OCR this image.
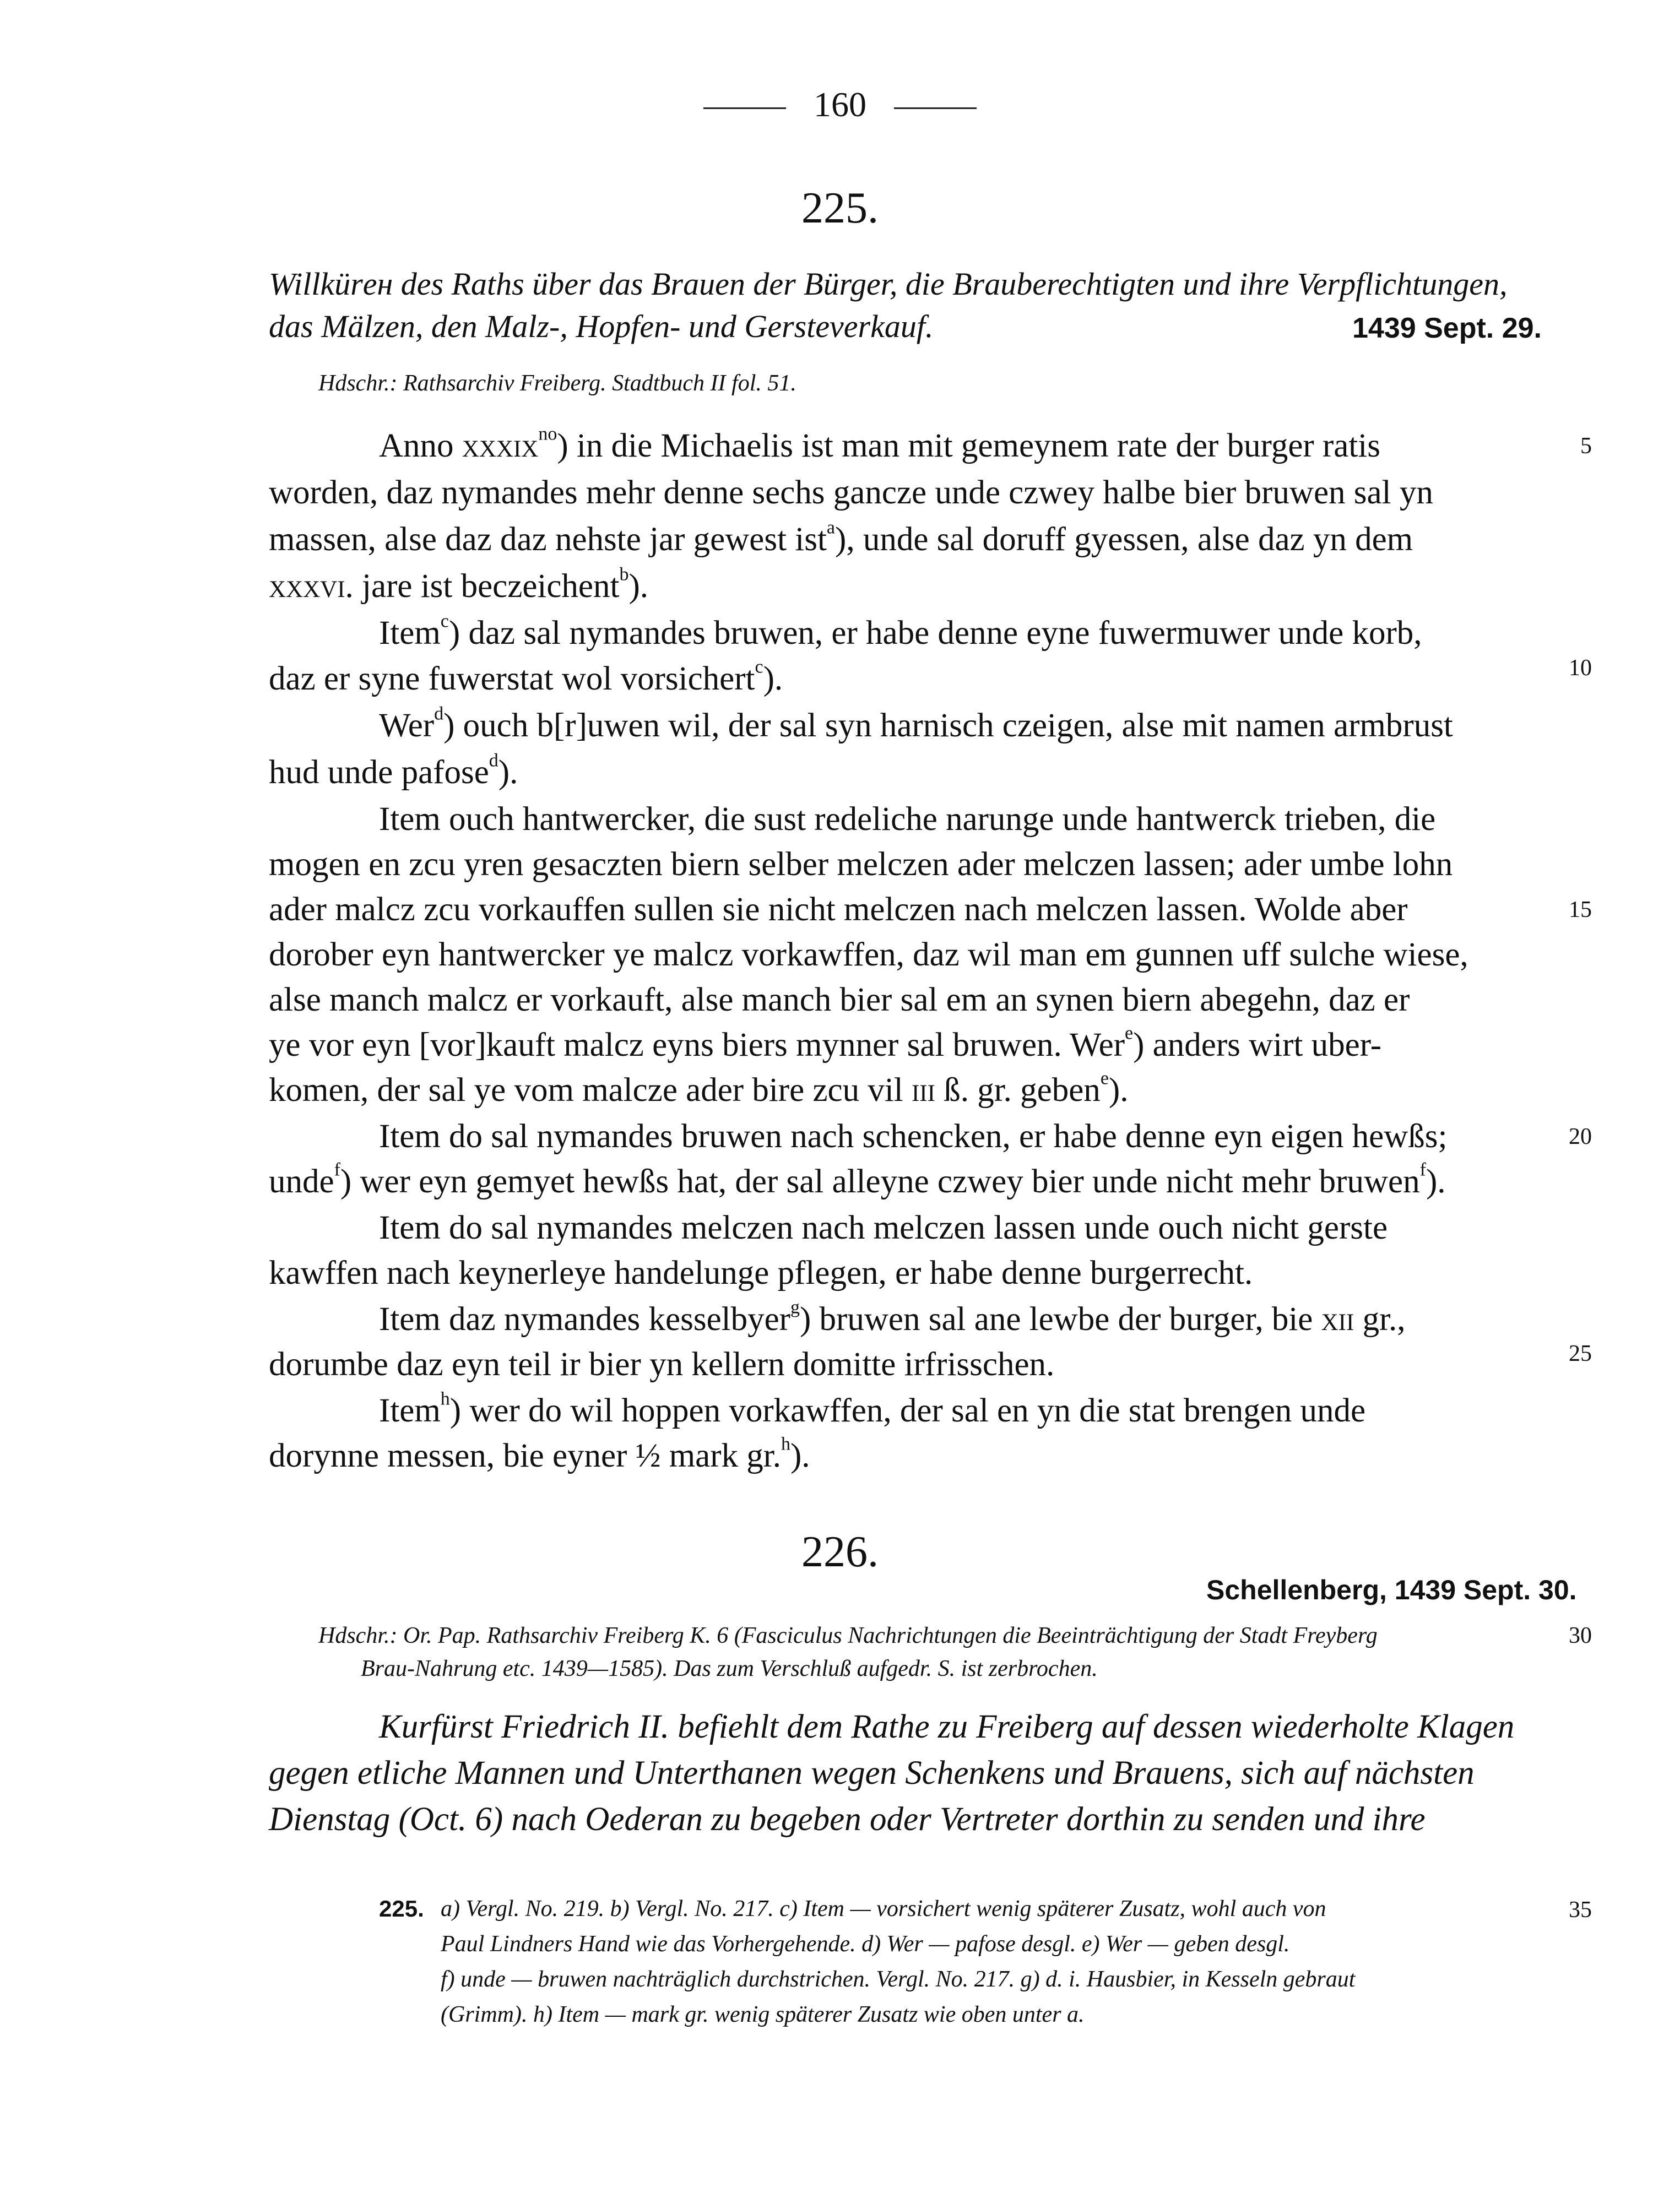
160
225.
Willkürен des Raths über das Brauen der Bürger, die Brauberechtigten und ihre Verpflichtungen,
das Mälzen, den Malz-, Hopfen- und Gersteverkauf.	1439 Sept. 29.
Hdschr.: Rathsarchiv Freiberg. Stadtbuch II fol. 51.
Anno xxxix$^{no}$) in die Michaelis ist man mit gemeynem rate der burger ratis
worden, daz nymandes mehr denne sechs gancze unde czwey halbe bier bruwen sal yn
massen, alse daz daz nehste jar gewest ist$^a$), unde sal doruff gyessen, alse daz yn dem
xxxvi. jare ist beczeichent$^b$).
Item$^c$) daz sal nymandes bruwen, er habe denne eyne fuwermuwer unde korb,
daz er syne fuwerstat wol vorsichert$^c$).
Wer$^d$) ouch b[r]uwen wil, der sal syn harnisch czeigen, alse mit namen armbrust
hud unde pafose$^d$).
Item ouch hantwercker, die sust redeliche narunge unde hantwerck trieben, die
mogen en zcu yren gesaczten biern selber melczen ader melczen lassen; ader umbe lohn
ader malcz zcu vorkauffen sullen sie nicht melczen nach melczen lassen. Wolde aber
dorober eyn hantwercker ye malcz vorkawffen, daz wil man em gunnen uff sulche wiese,
alse manch malcz er vorkauft, alse manch bier sal em an synen biern abegehn, daz er
ye vor eyn [vor]kauft malcz eyns biers mynner sal bruwen. Wer$^e$) anders wirt uber-
komen, der sal ye vom malcze ader bire zcu vil iii ß. gr. geben$^e$).
Item do sal nymandes bruwen nach schencken, er habe denne eyn eigen hewßs;
unde$^f$) wer eyn gemyet hewßs hat, der sal alleyne czwey bier unde nicht mehr bruwen$^f$).
Item do sal nymandes melczen nach melczen lassen unde ouch nicht gerste
kawffen nach keynerleye handelunge pflegen, er habe denne burgerrecht.
Item daz nymandes kesselbyer$^g$) bruwen sal ane lewbe der burger, bie xii gr.,
dorumbe daz eyn teil ir bier yn kellern domitte irfrisschen.
Item$^h$) wer do wil hoppen vorkawffen, der sal en yn die stat brengen unde
dorynne messen, bie eyner ½ mark gr.$^h$).
5
10
15
20
25
30
35
226.
Schellenberg, 1439 Sept. 30.
Hdschr.: Or. Pap. Rathsarchiv Freiberg K. 6 (Fasciculus Nachrichtungen die Beeinträchtigung der Stadt Freyberg
Brau-Nahrung etc. 1439—1585). Das zum Verschluß aufgedr. S. ist zerbrochen.
Kurfürst Friedrich II. befiehlt dem Rathe zu Freiberg auf dessen wiederholte Klagen
gegen etliche Mannen und Unterthanen wegen Schenkens und Brauens, sich auf nächsten
Dienstag (Oct. 6) nach Oederan zu begeben oder Vertreter dorthin zu senden und ihre
225. a) Vergl. No. 219. b) Vergl. No. 217. c) Item — vorsichert wenig späterer Zusatz, wohl auch von
Paul Lindners Hand wie das Vorhergehende. d) Wer — pafose desgl. e) Wer — geben desgl.
f) unde — bruwen nachträglich durchstrichen. Vergl. No. 217. g) d. i. Hausbier, in Kesseln gebraut
(Grimm). h) Item — mark gr. wenig späterer Zusatz wie oben unter a.
